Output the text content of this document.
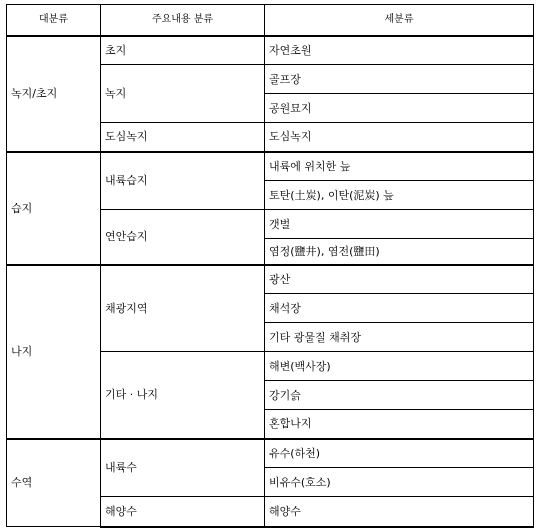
대분류	주요내용 분류	세분류
녹지/초지	초지	자연초원
	녹지	골프장
		공원묘지
	도심녹지	도심녹지
습지	내륙습지	내륙에 위치한 늪
		토탄(土炭), 이탄(泥炭) 늪
	연안습지	갯벌
		염정(鹽井), 염전(鹽田)
나지	채광지역	광산
		채석장
		기타 광물질 채취장
	기타 · 나지	해변(백사장)
		강기슭
		혼합나지
수역	내륙수	유수(하천)
		비유수(호소)
	해양수	해양수
